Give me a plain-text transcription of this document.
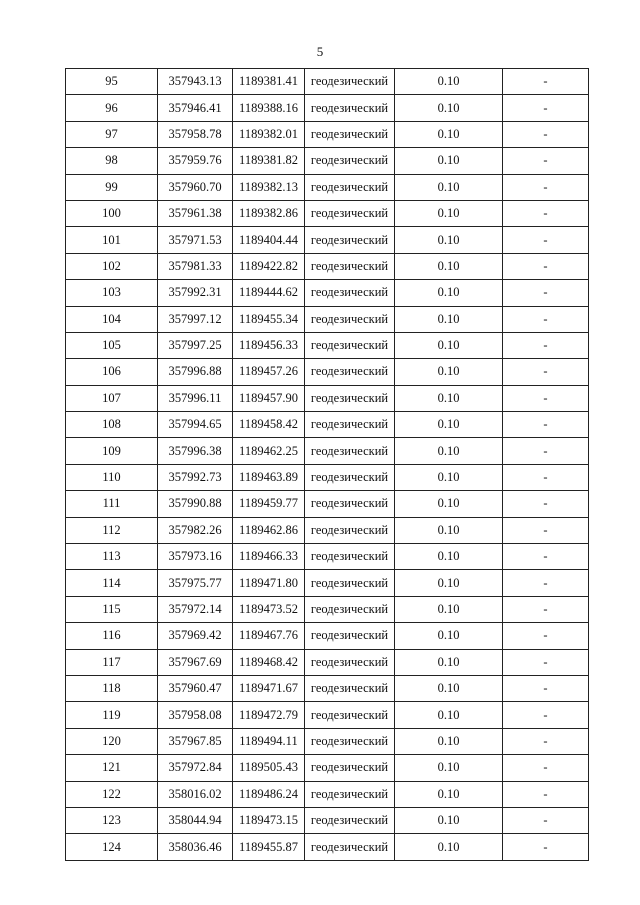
5
95	357943.13	1189381.41	геодезический	0.10	-
96	357946.41	1189388.16	геодезический	0.10	-
97	357958.78	1189382.01	геодезический	0.10	-
98	357959.76	1189381.82	геодезический	0.10	-
99	357960.70	1189382.13	геодезический	0.10	-
100	357961.38	1189382.86	геодезический	0.10	-
101	357971.53	1189404.44	геодезический	0.10	-
102	357981.33	1189422.82	геодезический	0.10	-
103	357992.31	1189444.62	геодезический	0.10	-
104	357997.12	1189455.34	геодезический	0.10	-
105	357997.25	1189456.33	геодезический	0.10	-
106	357996.88	1189457.26	геодезический	0.10	-
107	357996.11	1189457.90	геодезический	0.10	-
108	357994.65	1189458.42	геодезический	0.10	-
109	357996.38	1189462.25	геодезический	0.10	-
110	357992.73	1189463.89	геодезический	0.10	-
111	357990.88	1189459.77	геодезический	0.10	-
112	357982.26	1189462.86	геодезический	0.10	-
113	357973.16	1189466.33	геодезический	0.10	-
114	357975.77	1189471.80	геодезический	0.10	-
115	357972.14	1189473.52	геодезический	0.10	-
116	357969.42	1189467.76	геодезический	0.10	-
117	357967.69	1189468.42	геодезический	0.10	-
118	357960.47	1189471.67	геодезический	0.10	-
119	357958.08	1189472.79	геодезический	0.10	-
120	357967.85	1189494.11	геодезический	0.10	-
121	357972.84	1189505.43	геодезический	0.10	-
122	358016.02	1189486.24	геодезический	0.10	-
123	358044.94	1189473.15	геодезический	0.10	-
124	358036.46	1189455.87	геодезический	0.10	-
